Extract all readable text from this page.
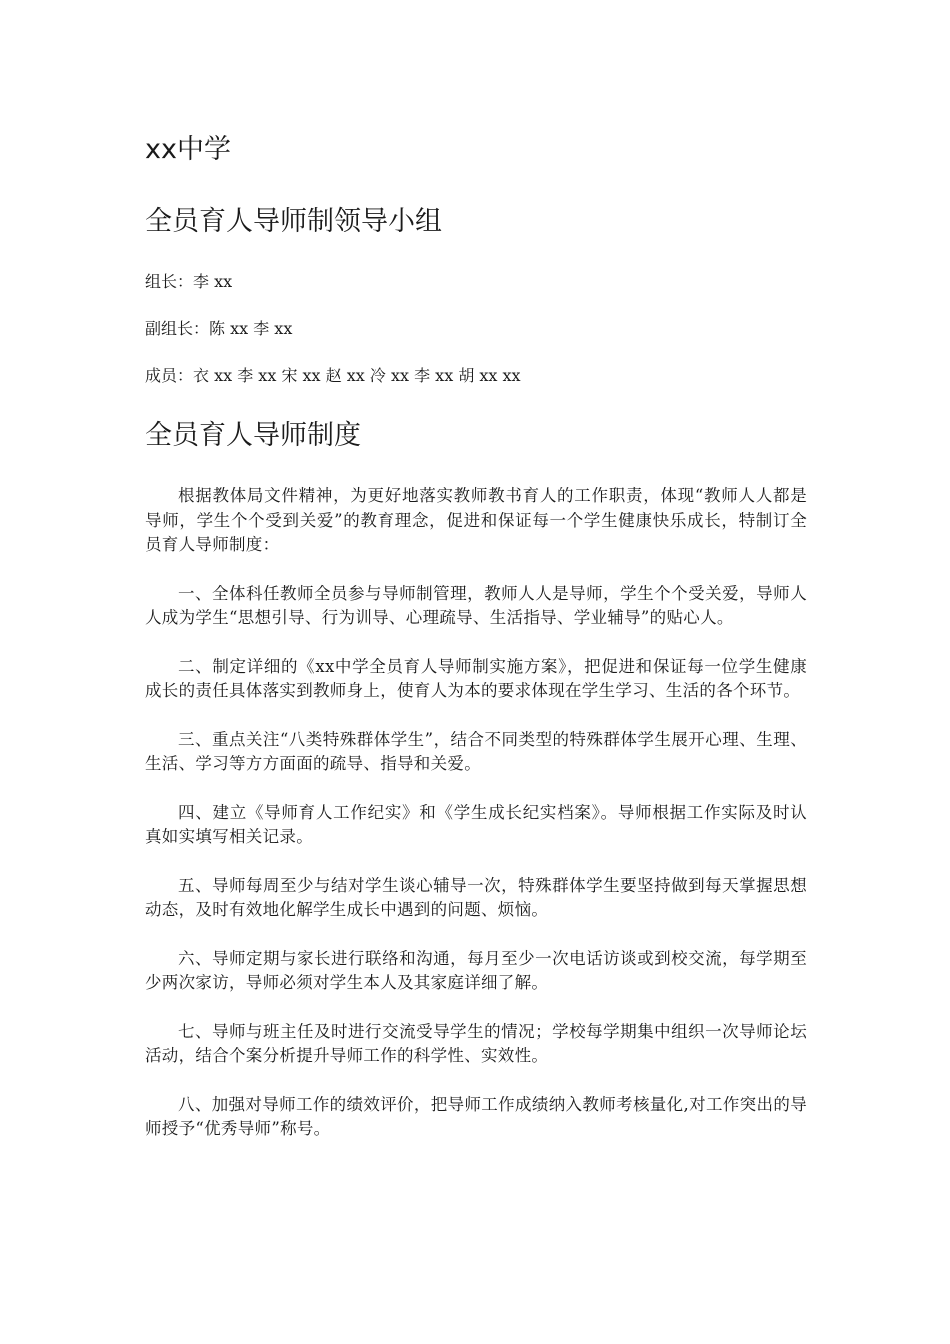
xx中学
全员育人导师制领导小组
组长：李 xx
副组长：陈 xx 李 xx
成员：衣 xx 李 xx 宋 xx 赵 xx 冷 xx 李 xx 胡 xx xx
全员育人导师制度

根据教体局文件精神，为更好地落实教师教书育人的工作职责，体现“教师人人都是导师，学生个个受到关爱”的教育理念，促进和保证每一个学生健康快乐成长，特制订全员育人导师制度：

一、全体科任教师全员参与导师制管理，教师人人是导师，学生个个受关爱，导师人人成为学生“思想引导、行为训导、心理疏导、生活指导、学业辅导”的贴心人。

二、制定详细的《xx中学全员育人导师制实施方案》，把促进和保证每一位学生健康成长的责任具体落实到教师身上，使育人为本的要求体现在学生学习、生活的各个环节。

三、重点关注“八类特殊群体学生”，结合不同类型的特殊群体学生展开心理、生理、生活、学习等方方面面的疏导、指导和关爱。

四、建立《导师育人工作纪实》和《学生成长纪实档案》。导师根据工作实际及时认真如实填写相关记录。

五、导师每周至少与结对学生谈心辅导一次，特殊群体学生要坚持做到每天掌握思想动态，及时有效地化解学生成长中遇到的问题、烦恼。

六、导师定期与家长进行联络和沟通，每月至少一次电话访谈或到校交流，每学期至少两次家访，导师必须对学生本人及其家庭详细了解。

七、导师与班主任及时进行交流受导学生的情况；学校每学期集中组织一次导师论坛活动，结合个案分析提升导师工作的科学性、实效性。

八、加强对导师工作的绩效评价，把导师工作成绩纳入教师考核量化,对工作突出的导师授予“优秀导师”称号。
